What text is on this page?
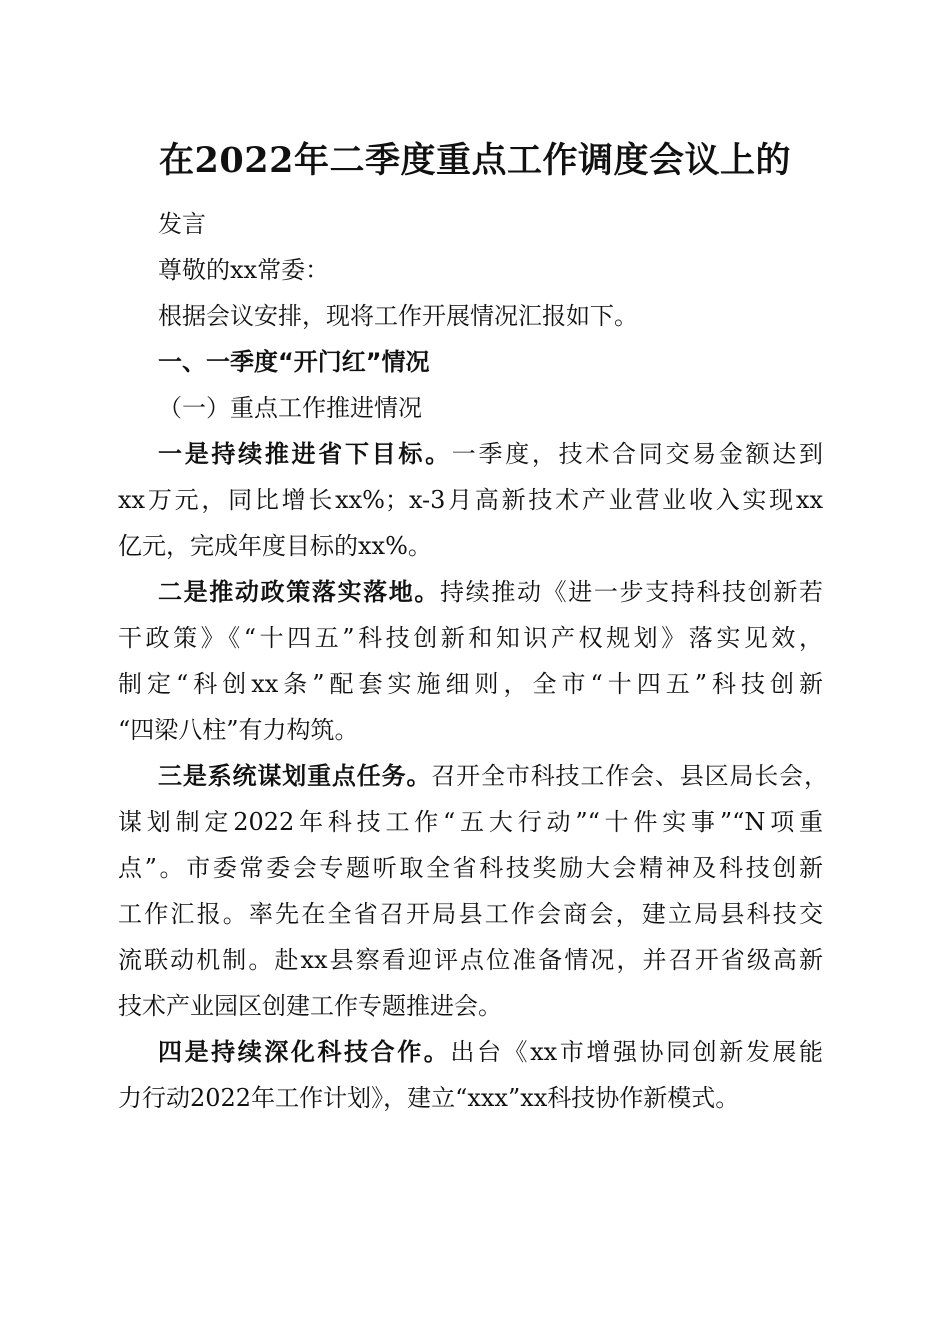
在2022年二季度重点工作调度会议上的
发言
尊敬的xx常委：
根据会议安排，现将工作开展情况汇报如下。
一、一季度“开门红”情况
（一）重点工作推进情况
一是持续推进省下目标。一季度，技术合同交易金额达到
xx万元，同比增长xx%；x-3月高新技术产业营业收入实现xx
亿元，完成年度目标的xx%。
二是推动政策落实落地。持续推动《进一步支持科技创新若
干政策》《“十四五”科技创新和知识产权规划》落实见效，
制定“科创xx条”配套实施细则，全市“十四五”科技创新
“四梁八柱”有力构筑。
三是系统谋划重点任务。召开全市科技工作会、县区局长会，
谋划制定2022年科技工作“五大行动”“十件实事”“N项重
点”。市委常委会专题听取全省科技奖励大会精神及科技创新
工作汇报。率先在全省召开局县工作会商会，建立局县科技交
流联动机制。赴xx县察看迎评点位准备情况，并召开省级高新
技术产业园区创建工作专题推进会。
四是持续深化科技合作。出台《xx市增强协同创新发展能
力行动2022年工作计划》，建立“xxx”xx科技协作新模式。
